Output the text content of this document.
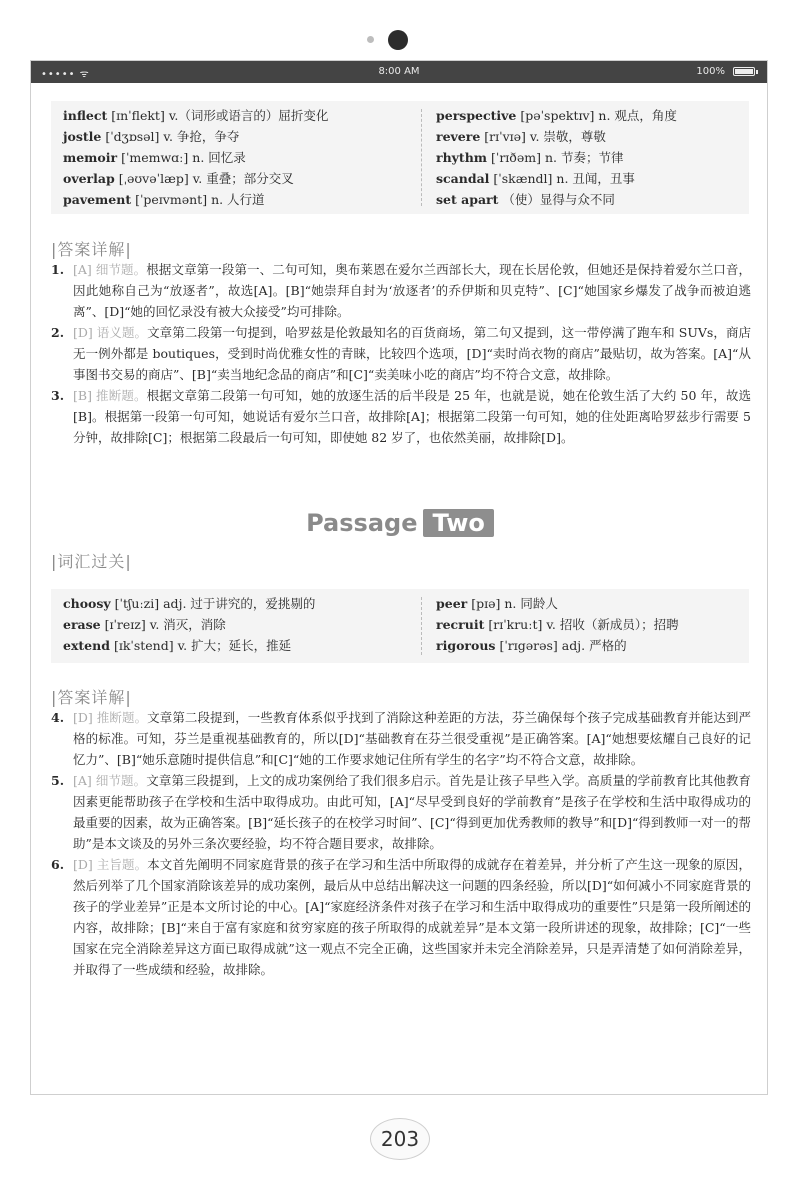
••••• ᯤ	8:00 AM	100%
inflect [ɪnˈflekt] v.（词形或语言的）屈折变化
jostle [ˈdʒɒsəl] v. 争抢，争夺
memoir [ˈmemwɑː] n. 回忆录
overlap [ˌəʊvəˈlæp] v. 重叠；部分交叉
pavement [ˈpeɪvmənt] n. 人行道
perspective [pəˈspektɪv] n. 观点，角度
revere [rɪˈvɪə] v. 崇敬，尊敬
rhythm [ˈrɪðəm] n. 节奏；节律
scandal [ˈskændl] n. 丑闻，丑事
set apart （使）显得与众不同
|答案详解|
1. [A] 细节题。根据文章第一段第一、二句可知，奥布莱恩在爱尔兰西部长大，现在长居伦敦，但她还是保持着爱尔兰口音，因此她称自己为“放逐者”，故选[A]。[B]“她崇拜自封为‘放逐者’的乔伊斯和贝克特”、[C]“她国家乡爆发了战争而被迫逃离”、[D]“她的回忆录没有被大众接受”均可排除。
2. [D] 语义题。文章第二段第一句提到，哈罗兹是伦敦最知名的百货商场，第二句又提到，这一带停满了跑车和 SUVs，商店无一例外都是 boutiques，受到时尚优雅女性的青睐，比较四个选项，[D]“卖时尚衣物的商店”最贴切，故为答案。[A]“从事图书交易的商店”、[B]“卖当地纪念品的商店”和[C]“卖美味小吃的商店”均不符合文意，故排除。
3. [B] 推断题。根据文章第二段第一句可知，她的放逐生活的后半段是 25 年，也就是说，她在伦敦生活了大约 50 年，故选[B]。根据第一段第一句可知，她说话有爱尔兰口音，故排除[A]；根据第二段第一句可知，她的住处距离哈罗兹步行需要 5 分钟，故排除[C]；根据第二段最后一句可知，即使她 82 岁了，也依然美丽，故排除[D]。
|词汇过关|
choosy [ˈtʃuːzi] adj. 过于讲究的，爱挑剔的
erase [ɪˈreɪz] v. 消灭，消除
extend [ɪkˈstend] v. 扩大；延长，推延
peer [pɪə] n. 同龄人
recruit [rɪˈkruːt] v. 招收（新成员）；招聘
rigorous [ˈrɪgərəs] adj. 严格的
|答案详解|
4. [D] 推断题。文章第二段提到，一些教育体系似乎找到了消除这种差距的方法，芬兰确保每个孩子完成基础教育并能达到严格的标准。可知，芬兰是重视基础教育的，所以[D]“基础教育在芬兰很受重视”是正确答案。[A]“她想要炫耀自己良好的记忆力”、[B]“她乐意随时提供信息”和[C]“她的工作要求她记住所有学生的名字”均不符合文意，故排除。
5. [A] 细节题。文章第三段提到，上文的成功案例给了我们很多启示。首先是让孩子早些入学。高质量的学前教育比其他教育因素更能帮助孩子在学校和生活中取得成功。由此可知，[A]“尽早受到良好的学前教育”是孩子在学校和生活中取得成功的最重要的因素，故为正确答案。[B]“延长孩子的在校学习时间”、[C]“得到更加优秀教师的教导”和[D]“得到教师一对一的帮助”是本文谈及的另外三条次要经验，均不符合题目要求，故排除。
6. [D] 主旨题。本文首先阐明不同家庭背景的孩子在学习和生活中所取得的成就存在着差异，并分析了产生这一现象的原因，然后列举了几个国家消除该差异的成功案例，最后从中总结出解决这一问题的四条经验，所以[D]“如何减小不同家庭背景的孩子的学业差异”正是本文所讨论的中心。[A]“家庭经济条件对孩子在学习和生活中取得成功的重要性”只是第一段所阐述的内容，故排除；[B]“来自于富有家庭和贫穷家庭的孩子所取得的成就差异”是本文第一段所讲述的现象，故排除；[C]“一些国家在完全消除差异这方面已取得成就”这一观点不完全正确，这些国家并未完全消除差异，只是弄清楚了如何消除差异，并取得了一些成绩和经验，故排除。
Passage Two
203
